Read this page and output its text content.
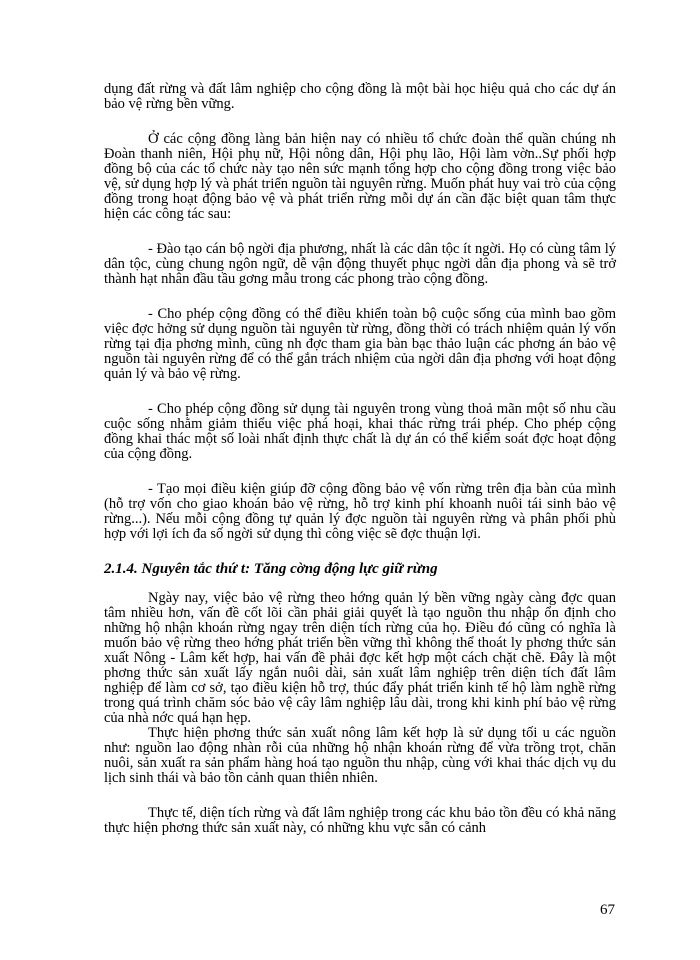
dụng đất rừng và đất lâm nghiệp cho cộng đồng là một bài học hiệu quả cho các dự án bảo vệ rừng bền vững.

Ở các cộng đồng làng bản hiện nay có nhiều tổ chức đoàn thể quần chúng nh Đoàn thanh niên, Hội phụ nữ, Hội nông dân, Hội phụ lão, Hội làm vờn..Sự phối hợp đồng bộ của các tổ chức này tạo nên sức mạnh tổng hợp cho cộng đồng trong việc bảo vệ, sử dụng hợp lý và phát triển nguồn tài nguyên rừng. Muốn phát huy vai trò của cộng đồng trong hoạt động bảo vệ và phát triển rừng mỗi dự án cần đặc biệt quan tâm thực hiện các công tác sau:

- Đào tạo cán bộ ngời địa phương, nhất là các dân tộc ít ngời. Họ có cùng tâm lý dân tộc, cùng chung ngôn ngữ, dễ vận động thuyết phục ngời dân địa phong và sẽ trở thành hạt nhân đầu tầu gơng mẫu trong các phong trào cộng đồng.

- Cho phép cộng đồng có thể điều khiển toàn bộ cuộc sống của mình bao gồm việc đợc hởng sử dụng nguồn tài nguyên từ rừng, đồng thời có trách nhiệm quản lý vốn rừng tại địa phơng mình, cũng nh đợc tham gia bàn bạc thảo luận các phơng án bảo vệ nguồn tài nguyên rừng để có thể gắn trách nhiệm của ngời dân địa phơng với hoạt động quản lý và bảo vệ rừng.

- Cho phép cộng đồng sử dụng tài nguyên trong vùng thoả mãn một số nhu cầu cuộc sống nhằm giảm thiểu việc phá hoại, khai thác rừng trái phép. Cho phép cộng đồng khai thác một số loài nhất định thực chất là dự án có thể kiểm soát đợc hoạt động của cộng đồng.

- Tạo mọi điều kiện giúp đỡ cộng đồng bảo vệ vốn rừng trên địa bàn của mình (hỗ trợ vốn cho giao khoán bảo vệ rừng, hỗ trợ kinh phí khoanh nuôi tái sinh bảo vệ rừng...). Nếu mỗi cộng đồng tự quản lý đợc nguồn tài nguyên rừng và phân phối phù hợp với lợi ích đa số ngời sử dụng thì công việc sẽ đợc thuận lợi.

2.1.4. Nguyên tắc thứ t: Tăng cờng động lực giữ rừng

Ngày nay, việc bảo vệ rừng theo hớng quản lý bền vững ngày càng đợc quan tâm nhiều hơn, vấn đề cốt lõi cần phải giải quyết là tạo nguồn thu nhập ổn định cho những hộ nhận khoán rừng ngay trên diện tích rừng của họ. Điều đó cũng có nghĩa là muốn bảo vệ rừng theo hớng phát triển bền vững thì không thể thoát ly phơng thức sản xuất Nông - Lâm kết hợp, hai vấn đề phải đợc kết hợp một cách chặt chẽ. Đây là một phơng thức sản xuất lấy ngắn nuôi dài, sản xuất lâm nghiệp trên diện tích đất lâm nghiệp để làm cơ sở, tạo điều kiện hỗ trợ, thúc đẩy phát triển kinh tế hộ làm nghề rừng trong quá trình chăm sóc bảo vệ cây lâm nghiệp lâu dài, trong khi kinh phí bảo vệ rừng của nhà nớc quá hạn hẹp.

Thực hiện phơng thức sản xuất nông lâm kết hợp là sử dụng tối u các nguồn như: nguồn lao động nhàn rỗi của những hộ nhận khoán rừng để vừa trồng trọt, chăn nuôi, sản xuất ra sản phẩm hàng hoá tạo nguồn thu nhập, cùng với khai thác dịch vụ du lịch sinh thái và bảo tồn cảnh quan thiên nhiên.

Thực tế, diện tích rừng và đất lâm nghiệp trong các khu bảo tồn đều có khả năng thực hiện phơng thức sản xuất này, có những khu vực sẵn có cảnh

67
